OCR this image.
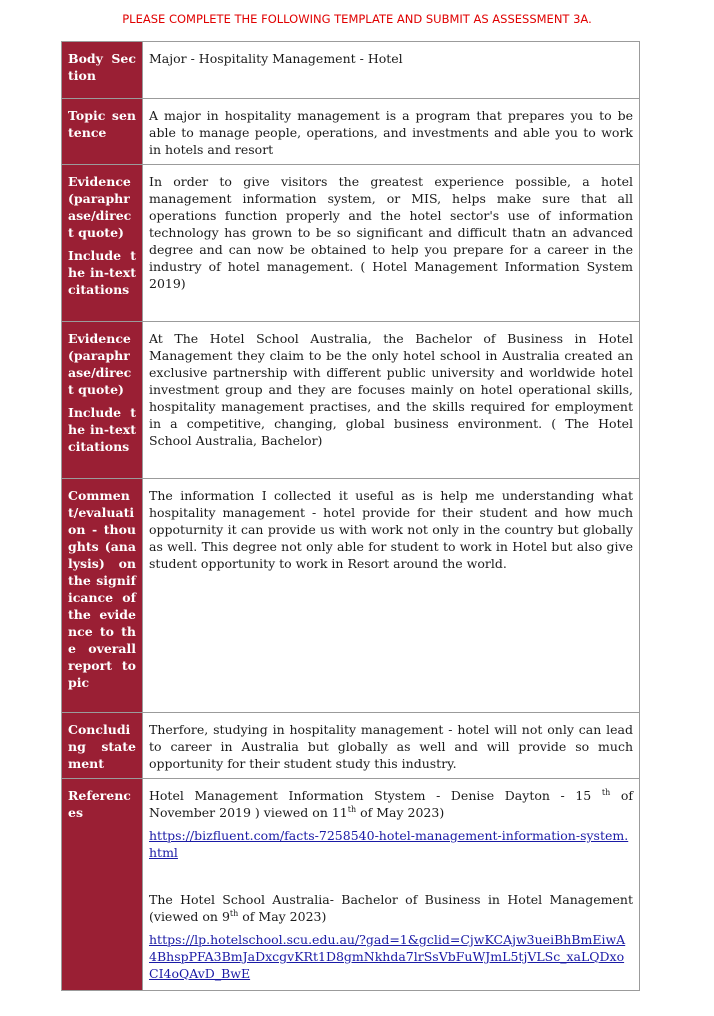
PLEASE COMPLETE THE FOLLOWING TEMPLATE AND SUBMIT AS ASSESSMENT 3A.
Body Section	Major - Hospitality Management - Hotel

Topic sentence	A major in hospitality management is a program that prepares you to be able to manage people, operations, and investments and able you to work in hotels and resort

Evidence (paraphrase/direct quote)
Include the in-text citations	In order to give visitors the greatest experience possible, a hotel management information system, or MIS, helps make sure that all operations function properly and the hotel sector's use of information technology has grown to be so significant and difficult thatn an advanced degree and can now be obtained to help you prepare for a career in the industry of hotel management. ( Hotel Management Information System 2019)

Evidence (paraphrase/direct quote)
Include the in-text citations	At The Hotel School Australia, the Bachelor of Business in Hotel Management they claim to be the only hotel school in Australia created an exclusive partnership with different public university and worldwide hotel investment group and they are focuses mainly on hotel operational skills, hospitality management practises, and the skills required for employment in a competitive, changing, global business environment. ( The Hotel School Australia, Bachelor)

Comment/evaluation - thoughts (analysis) on the significance of the evidence to the overall report topic	The information I collected it useful as is help me understanding what hospitality management - hotel provide for their student and how much oppoturnity it can provide us with work not only in the country but globally as well. This degree not only able for student to work in Hotel but also give student opportunity to work in Resort around the world.

Concluding statement	Therfore, studying in hospitality management - hotel will not only can lead to career in Australia but globally as well and will provide so much opportunity for their student study this industry.

References	Hotel Management Information Stystem - Denise Dayton - 15 $^{th}$ of November 2019 ) viewed on 11th of May 2023)

https://bizfluent.com/facts-7258540-hotel-management-information-system.html

The Hotel School Australia- Bachelor of Business in Hotel Management (viewed on 9th of May 2023)

https://lp.hotelschool.scu.edu.au/?gad=1&gclid=CjwKCAjw3ueiBhBmEiwA4BhspPFA3BmJaDxcgvKRt1D8gmNkhda7lrSsVbFuWJmL5tjVLSc_xaLQDxoCI4oQAvD_BwE
